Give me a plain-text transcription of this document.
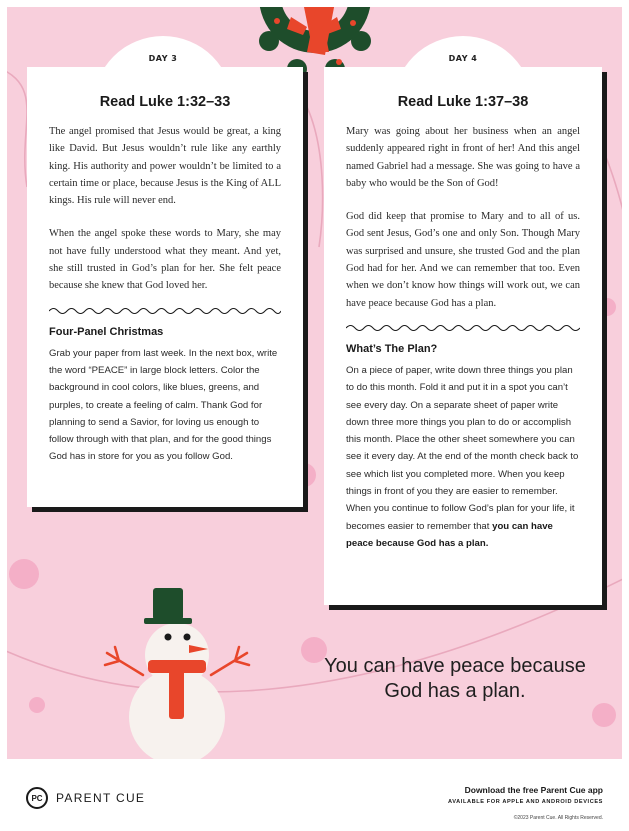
DAY 3
Read Luke 1:32–33

The angel promised that Jesus would be great, a king like David. But Jesus wouldn’t rule like any earthly king. His authority and power wouldn’t be limited to a certain time or place, because Jesus is the King of ALL kings. His rule will never end.

When the angel spoke these words to Mary, she may not have fully understood what they meant. And yet, she still trusted in God’s plan for her. She felt peace because she knew that God loved her.

Four-Panel Christmas

Grab your paper from last week. In the next box, write the word “PEACE” in large block letters. Color the background in cool colors, like blues, greens, and purples, to create a feeling of calm. Thank God for planning to send a Savior, for loving us enough to follow through with that plan, and for the good things God has in store for you as you follow God.

DAY 4
Read Luke 1:37–38

Mary was going about her business when an angel suddenly appeared right in front of her! And this angel named Gabriel had a message. She was going to have a baby who would be the Son of God!

God did keep that promise to Mary and to all of us. God sent Jesus, God’s one and only Son. Though Mary was surprised and unsure, she trusted God and the plan God had for her. And we can remember that too. Even when we don’t know how things will work out, we can have peace because God has a plan.

What’s The Plan?

On a piece of paper, write down three things you plan to do this month. Fold it and put it in a spot you can’t see every day. On a separate sheet of paper write down three more things you plan to do or accomplish this month. Place the other sheet somewhere you can see it every day. At the end of the month check back to see which list you completed more. When you keep things in front of you they are easier to remember. When you continue to follow God’s plan for your life, it becomes easier to remember that you can have peace because God has a plan.

You can have peace because God has a plan.
PC	PARENT CUE
Download the free Parent Cue app
AVAILABLE FOR APPLE AND ANDROID DEVICES
©2023 Parent Cue. All Rights Reserved.
